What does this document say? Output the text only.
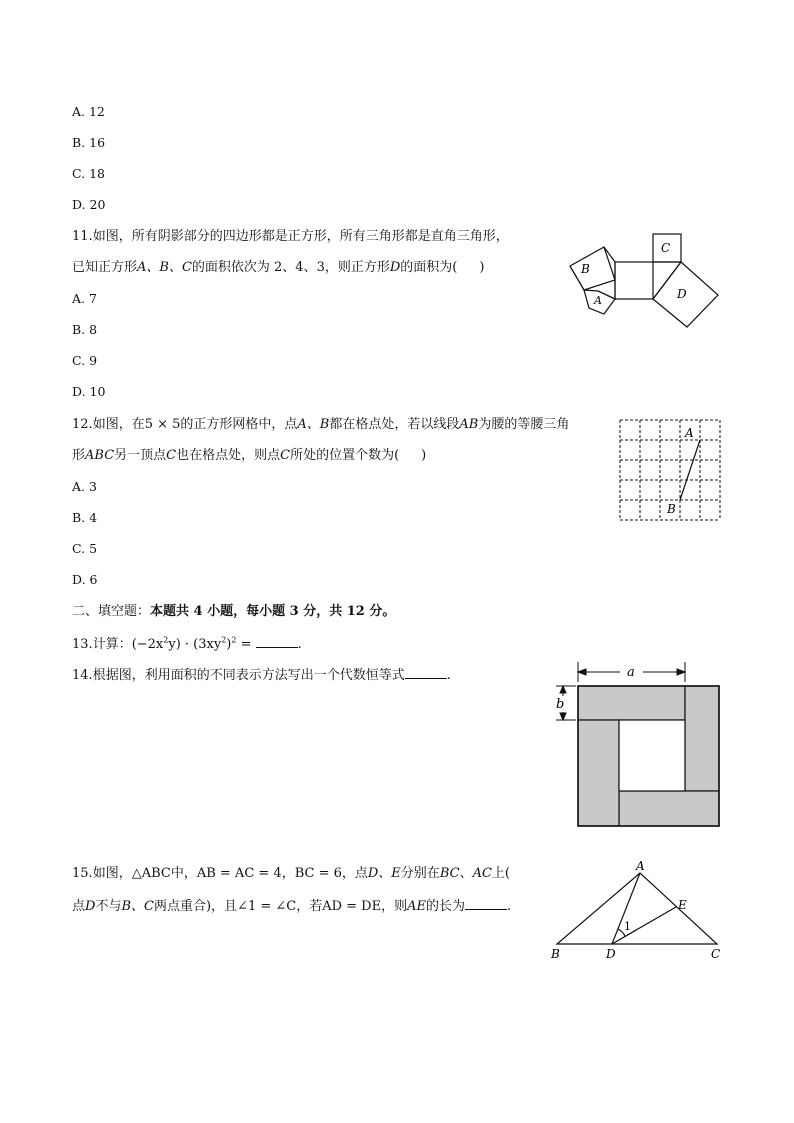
A. 12
B. 16
C. 18
D. 20
11.如图，所有阴影部分的四边形都是正方形，所有三角形都是直角三角形，
已知正方形A、B、C的面积依次为 2、4、3，则正方形D的面积为( )
A. 7
B. 8
C. 9
D. 10
B
C
D
A
12.如图，在5 × 5的正方形网格中，点A、B都在格点处，若以线段AB为腰的等腰三角
形ABC另一顶点C也在格点处，则点C所处的位置个数为( )
A. 3
B. 4
C. 5
D. 6
A
B
二、填空题：本题共 4 小题，每小题 3 分，共 12 分。
13.计算：$(-2x^2y) \cdot (3xy^2)^2$ =	.
14.根据图，利用面积的不同表示方法写出一个代数恒等式	.	a
b
15.如图，△ABC中，AB = AC = 4，BC = 6，点D、E分别在BC、AC上(
点D不与B、C两点重合)，且∠1 = ∠C，若AD = DE，则AE的长为	.
A
B	C
D
E
1
